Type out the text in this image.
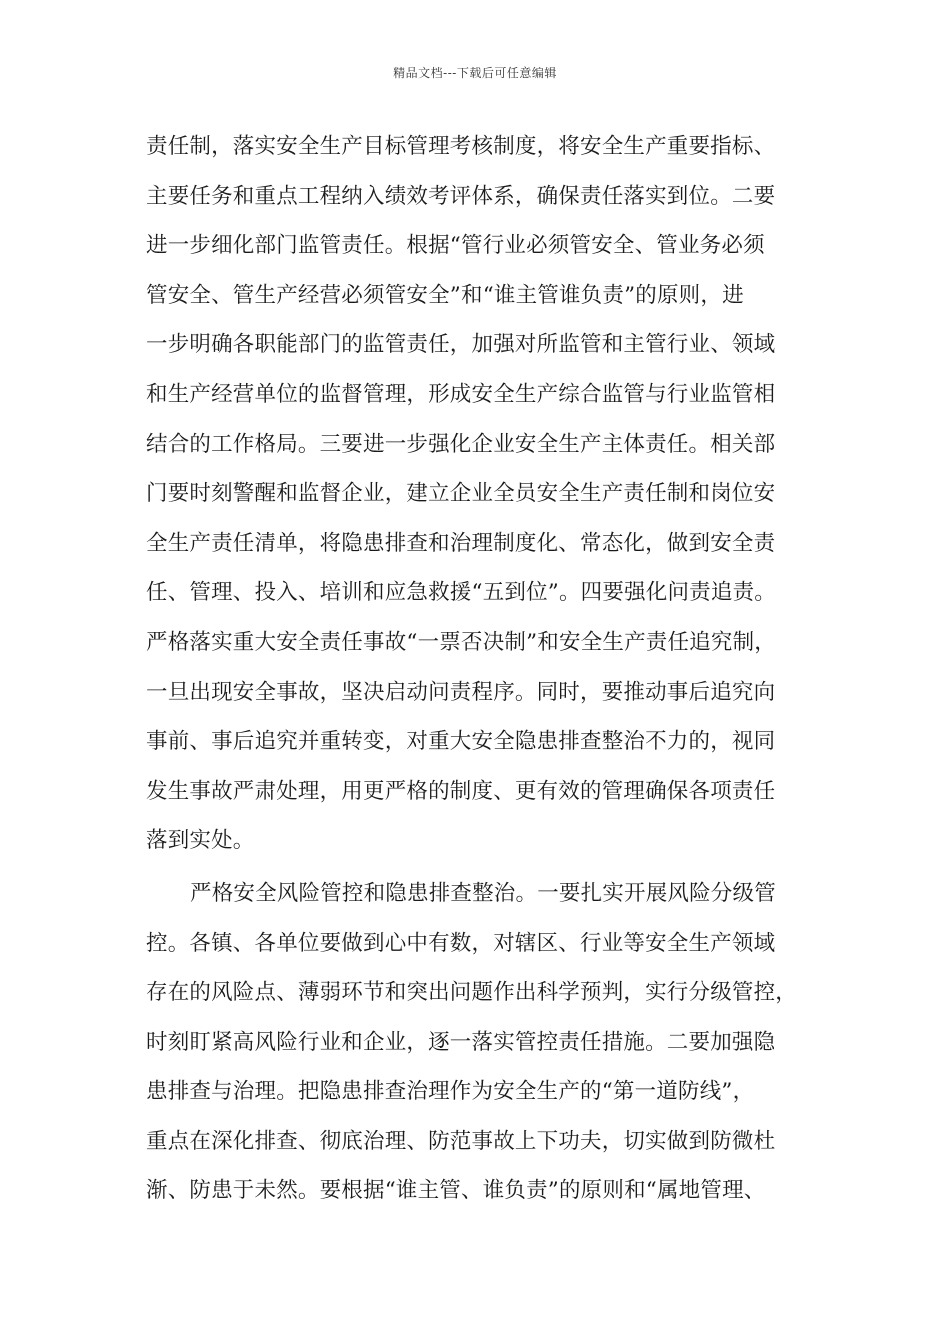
精品文档---下载后可任意编辑
责任制，落实安全生产目标管理考核制度，将安全生产重要指标、
主要任务和重点工程纳入绩效考评体系，确保责任落实到位。二要
进一步细化部门监管责任。根据“管行业必须管安全、管业务必须
管安全、管生产经营必须管安全”和“谁主管谁负责”的原则，进
一步明确各职能部门的监管责任，加强对所监管和主管行业、领域
和生产经营单位的监督管理，形成安全生产综合监管与行业监管相
结合的工作格局。三要进一步强化企业安全生产主体责任。相关部
门要时刻警醒和监督企业，建立企业全员安全生产责任制和岗位安
全生产责任清单，将隐患排查和治理制度化、常态化，做到安全责
任、管理、投入、培训和应急救援“五到位”。四要强化问责追责。
严格落实重大安全责任事故“一票否决制”和安全生产责任追究制，
一旦出现安全事故，坚决启动问责程序。同时，要推动事后追究向
事前、事后追究并重转变，对重大安全隐患排查整治不力的，视同
发生事故严肃处理，用更严格的制度、更有效的管理确保各项责任
落到实处。
严格安全风险管控和隐患排查整治。一要扎实开展风险分级管
控。各镇、各单位要做到心中有数，对辖区、行业等安全生产领域
存在的风险点、薄弱环节和突出问题作出科学预判，实行分级管控，
时刻盯紧高风险行业和企业，逐一落实管控责任措施。二要加强隐
患排查与治理。把隐患排查治理作为安全生产的“第一道防线”，
重点在深化排查、彻底治理、防范事故上下功夫，切实做到防微杜
渐、防患于未然。要根据“谁主管、谁负责”的原则和“属地管理、
